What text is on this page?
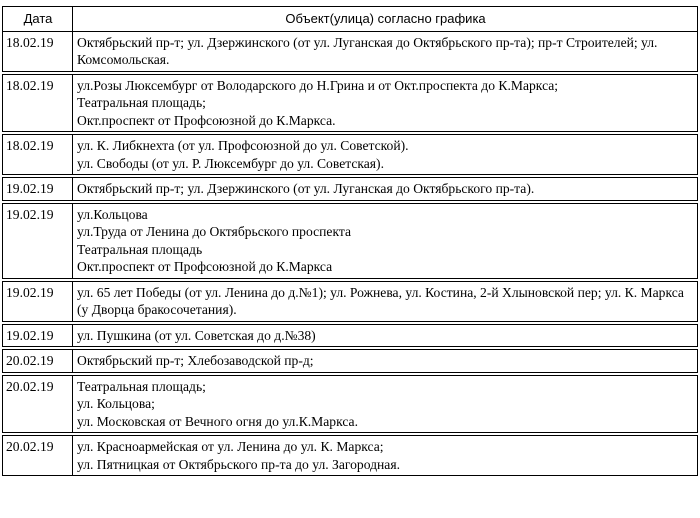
Дата	Объект(улица) согласно графика
18.02.19	Октябрьский пр-т; ул. Дзержинского (от ул. Луганская до Октябрьского пр-та); пр-т Строителей; ул. Комсомольская.

18.02.19	ул.Розы Люксембург от Володарского до Н.Грина и от Окт.проспекта до К.Маркса;
Театральная площадь;
Окт.проспект от Профсоюзной до К.Маркса.

18.02.19	ул. К. Либкнехта (от ул. Профсоюзной до ул. Советской).
ул. Свободы (от ул. Р. Люксембург до ул. Советская).

19.02.19	Октябрьский пр-т; ул. Дзержинского (от ул. Луганская до Октябрьского пр-та).

19.02.19	ул.Кольцова
ул.Труда от Ленина до Октябрьского проспекта
Театральная площадь
Окт.проспект от Профсоюзной до К.Маркса

19.02.19	ул. 65 лет Победы (от ул. Ленина до д.№1); ул. Рожнева, ул. Костина, 2-й Хлыновской пер; ул. К. Маркса (у Дворца бракосочетания).

19.02.19	ул. Пушкина (от ул. Советская до д.№38)

20.02.19	Октябрьский пр-т; Хлебозаводской пр-д;

20.02.19	Театральная площадь;
ул. Кольцова;
ул. Московская от Вечного огня до ул.К.Маркса.

20.02.19	ул. Красноармейская от ул. Ленина до ул. К. Маркса;
ул. Пятницкая от Октябрьского пр-та до ул. Загородная.
